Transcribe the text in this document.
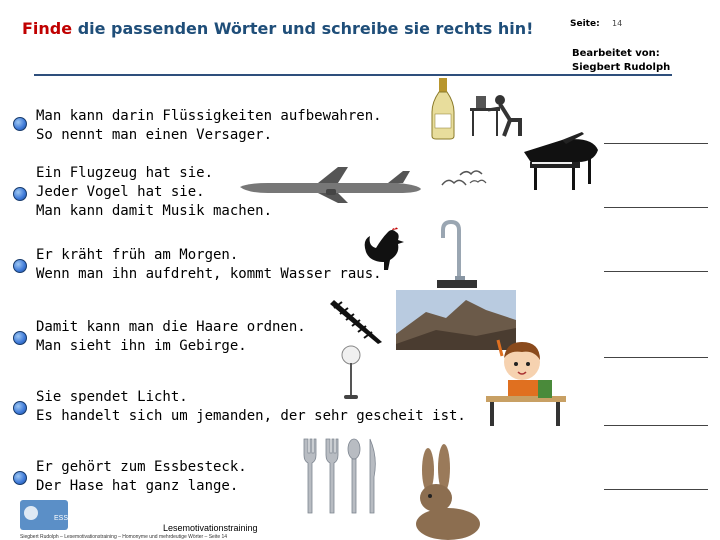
Finde die passenden Wörter und schreibe sie rechts hin!	Seite: 14
Bearbeitet von:
Siegbert Rudolph
Man kann darin Flüssigkeiten aufbewahren.
So nennt man einen Versager.
Ein Flugzeug hat sie.
Jeder Vogel hat sie.
Man kann damit Musik machen.
Er kräht früh am Morgen.
Wenn man ihn aufdreht, kommt Wasser raus.
Damit kann man die Haare ordnen.
Man sieht ihn im Gebirge.
Sie spendet Licht.
Es handelt sich um jemanden, der sehr gescheit ist.
Er gehört zum Essbesteck.
Der Hase hat ganz lange.
ESSBOCK
Lesemotivationstraining
Siegbert Rudolph – Lesemotivationstraining – Homonyme und mehrdeutige Wörter – Seite 14
